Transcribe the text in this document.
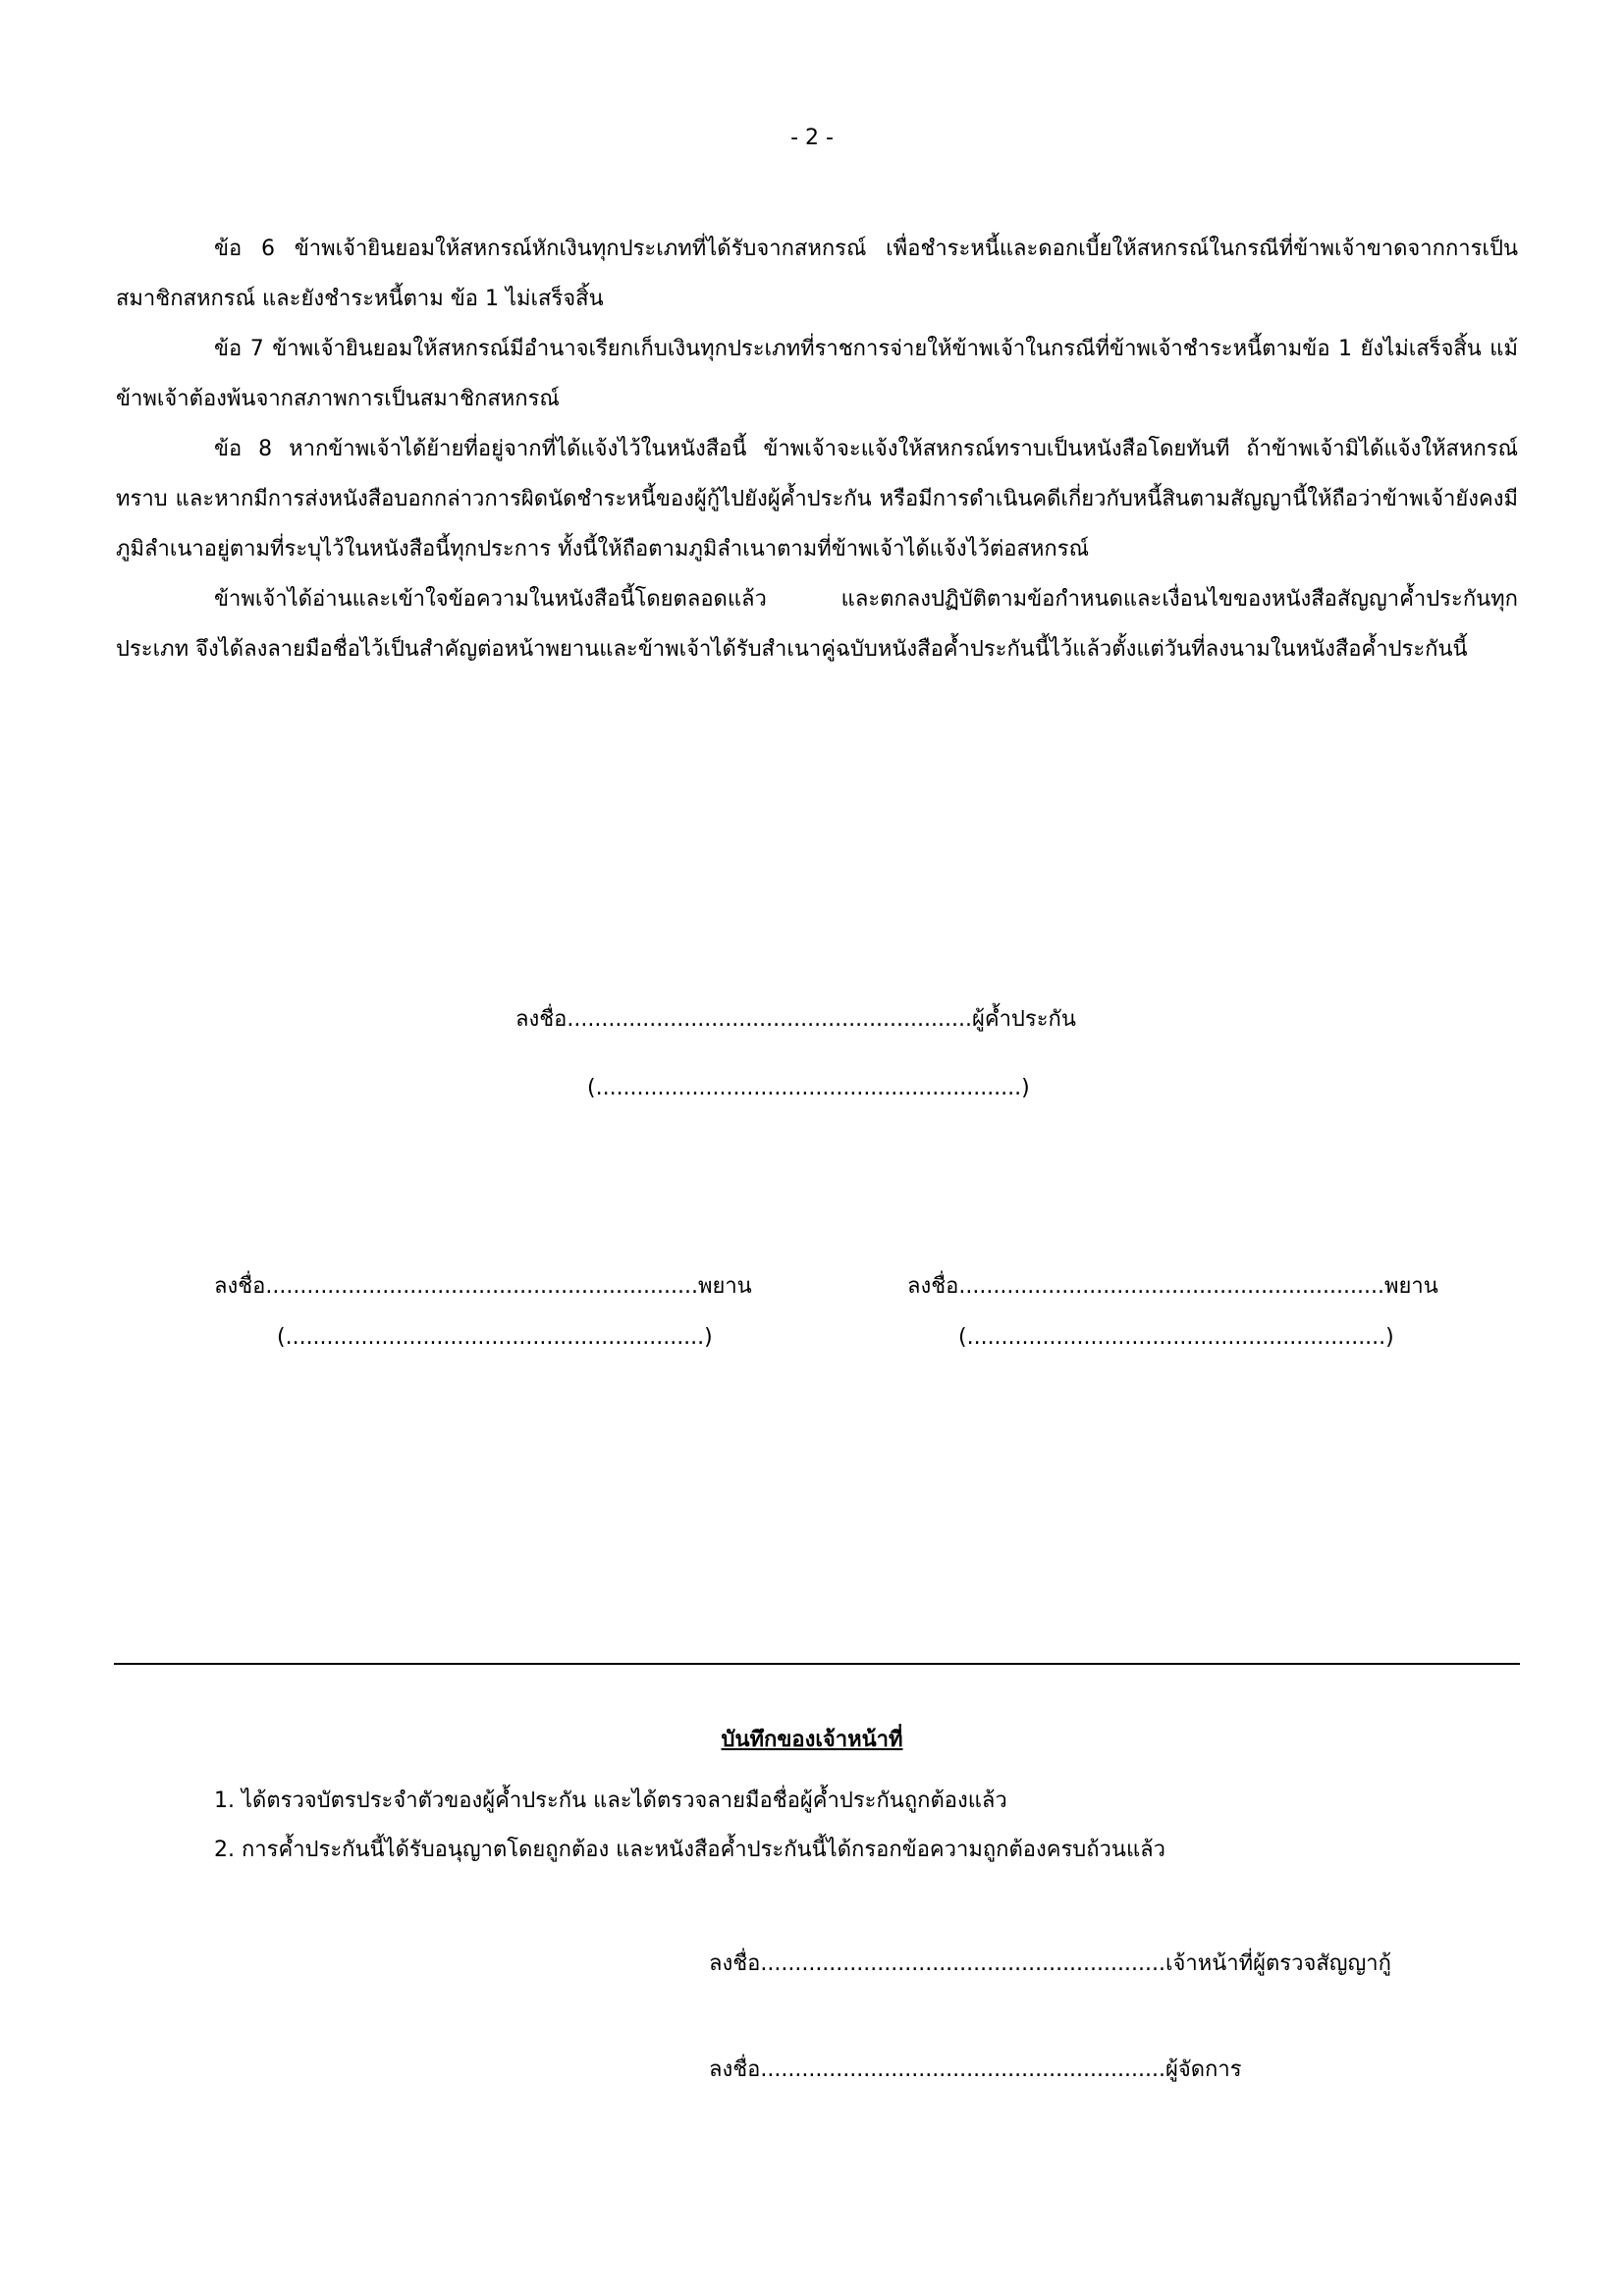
- 2 -

ข้อ 6 ข้าพเจ้ายินยอมให้สหกรณ์หักเงินทุกประเภทที่ได้รับจากสหกรณ์ เพื่อชำระหนี้และดอกเบี้ยให้สหกรณ์ในกรณีที่ข้าพเจ้าขาดจากการเป็นสมาชิกสหกรณ์ และยังชำระหนี้ตาม ข้อ 1 ไม่เสร็จสิ้น

ข้อ 7 ข้าพเจ้ายินยอมให้สหกรณ์มีอำนาจเรียกเก็บเงินทุกประเภทที่ราชการจ่ายให้ข้าพเจ้าในกรณีที่ข้าพเจ้าชำระหนี้ตามข้อ 1 ยังไม่เสร็จสิ้น แม้ข้าพเจ้าต้องพ้นจากสภาพการเป็นสมาชิกสหกรณ์

ข้อ 8 หากข้าพเจ้าได้ย้ายที่อยู่จากที่ได้แจ้งไว้ในหนังสือนี้ ข้าพเจ้าจะแจ้งให้สหกรณ์ทราบเป็นหนังสือโดยทันที ถ้าข้าพเจ้ามิได้แจ้งให้สหกรณ์ทราบ และหากมีการส่งหนังสือบอกกล่าวการผิดนัดชำระหนี้ของผู้กู้ไปยังผู้ค้ำประกัน หรือมีการดำเนินคดีเกี่ยวกับหนี้สินตามสัญญานี้ให้ถือว่าข้าพเจ้ายังคงมีภูมิลำเนาอยู่ตามที่ระบุไว้ในหนังสือนี้ทุกประการ ทั้งนี้ให้ถือตามภูมิลำเนาตามที่ข้าพเจ้าได้แจ้งไว้ต่อสหกรณ์

ข้าพเจ้าได้อ่านและเข้าใจข้อความในหนังสือนี้โดยตลอดแล้ว และตกลงปฏิบัติตามข้อกำหนดและเงื่อนไขของหนังสือสัญญาค้ำประกันทุกประเภท จึงได้ลงลายมือชื่อไว้เป็นสำคัญต่อหน้าพยานและข้าพเจ้าได้รับสำเนาคู่ฉบับหนังสือค้ำประกันนี้ไว้แล้วตั้งแต่วันที่ลงนามในหนังสือค้ำประกันนี้

ลงชื่อ...........................................................ผู้ค้ำประกัน
(..............................................................)
ลงชื่อ...............................................................พยาน
(.............................................................)
ลงชื่อ..............................................................พยาน
(.............................................................)
บันทึกของเจ้าหน้าที่
1. ได้ตรวจบัตรประจำตัวของผู้ค้ำประกัน และได้ตรวจลายมือชื่อผู้ค้ำประกันถูกต้องแล้ว
2. การค้ำประกันนี้ได้รับอนุญาตโดยถูกต้อง และหนังสือค้ำประกันนี้ได้กรอกข้อความถูกต้องครบถ้วนแล้ว
ลงชื่อ...........................................................เจ้าหน้าที่ผู้ตรวจสัญญากู้
ลงชื่อ...........................................................ผู้จัดการ
